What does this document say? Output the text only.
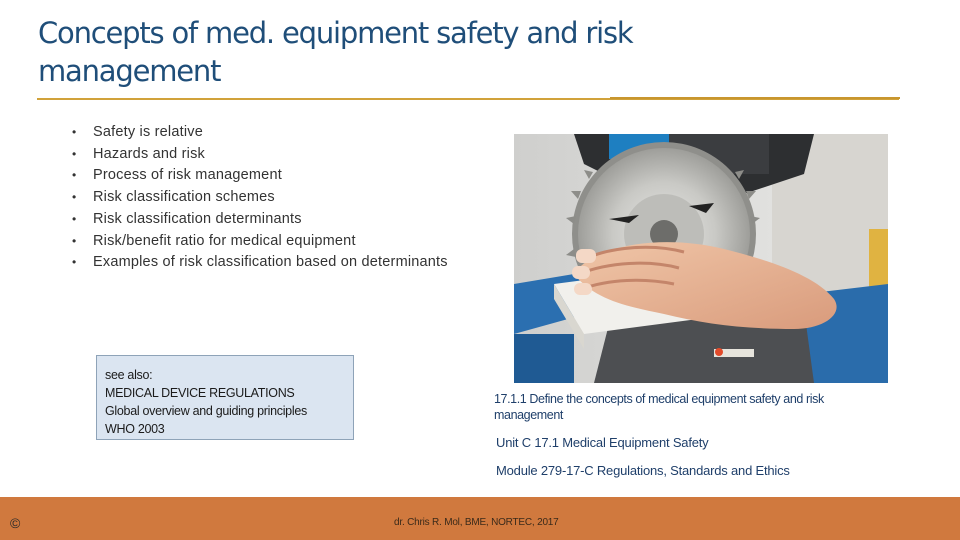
Concepts of med. equipment safety and risk
management
• Safety is relative
• Hazards and risk
• Process of risk management
• Risk classification schemes
• Risk classification determinants
• Risk/benefit ratio for medical equipment
• Examples of risk classification based on determinants
see also:
MEDICAL DEVICE REGULATIONS
Global overview and guiding principles
WHO 2003
17.1.1 Define the concepts of medical equipment safety and risk management
Unit C 17.1 Medical Equipment Safety
Module 279-17-C Regulations, Standards and Ethics
©	dr. Chris R. Mol, BME, NORTEC, 2017
